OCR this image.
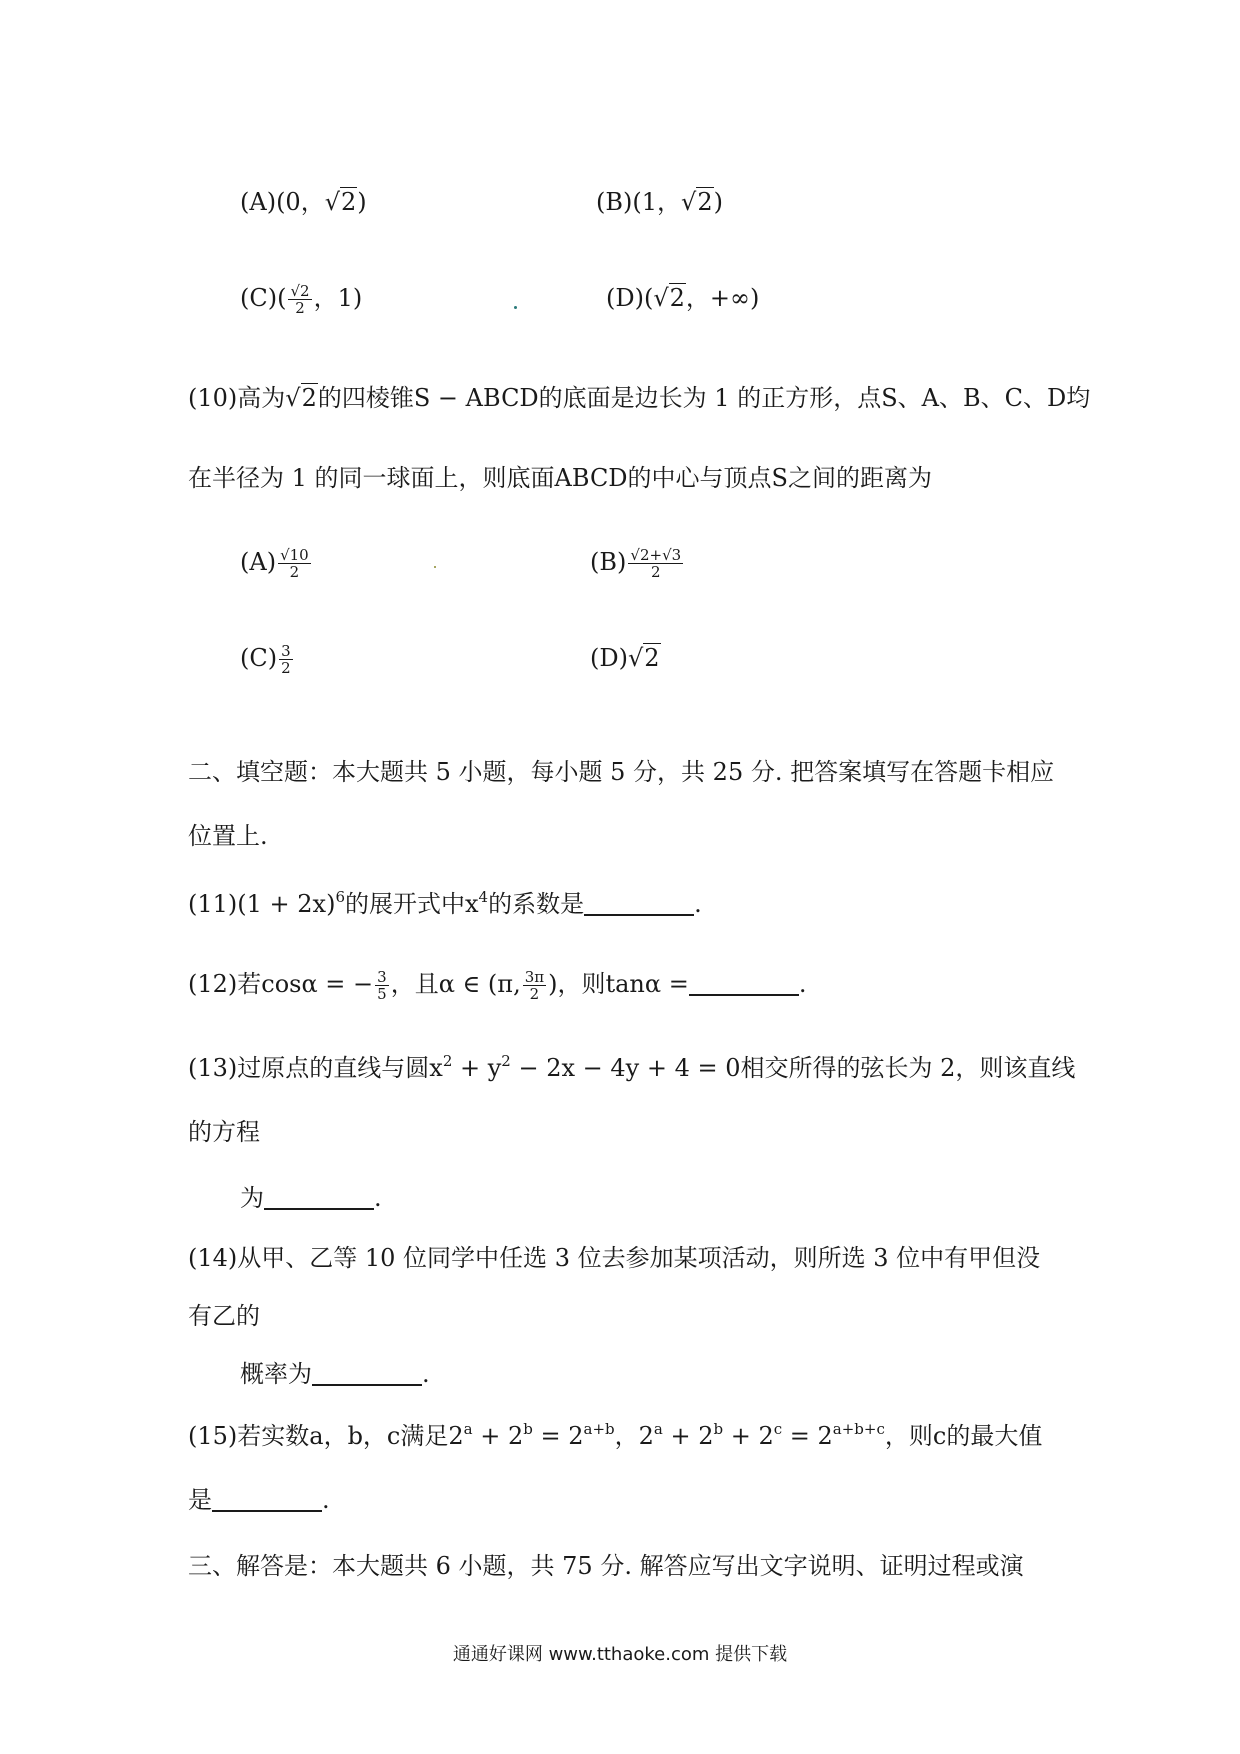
(A)(0，√2)	(B)(1，√2)
$(C)( \frac{√2}{2}$ ，1)	(D)(√2，+∞)
(10)高为√2的四棱锥S − ABCD的底面是边长为 1 的正方形，点S、A、B、C、D均
在半径为 1 的同一球面上，则底面ABCD的中心与顶点S之间的距离为
$(A) \frac{√10}{2}$	$(B) \frac{√2+√3}{2}$
$(C) \frac{3}{2}$	(D)√2
二、填空题：本大题共 5 小题，每小题 5 分，共 25 分. 把答案填写在答题卡相应
位置上.
$(11)(1 + 2x)^6$的展开式中$x^4$的系数是	.
(12)若cosα = − $\frac{3}{5}$ ，且α ∈ (π, $\frac{3\pi}{2}$ )，则tanα =	.
(13)过原点的直线与圆$x^2 + y^2 - 2x - 4y + 4 = 0$相交所得的弦长为 2，则该直线
的方程
为	.
(14)从甲、乙等 10 位同学中任选 3 位去参加某项活动，则所选 3 位中有甲但没
有乙的
概率为	.
(15)若实数a，b，c满足$2^a + 2^b = 2^{a+b}$，$2^a + 2^b + 2^c = 2^{a+b+c}$，则c的最大值
是	.
三、解答是：本大题共 6 小题，共 75 分. 解答应写出文字说明、证明过程或演
通通好课网 www.tthaoke.com 提供下载
